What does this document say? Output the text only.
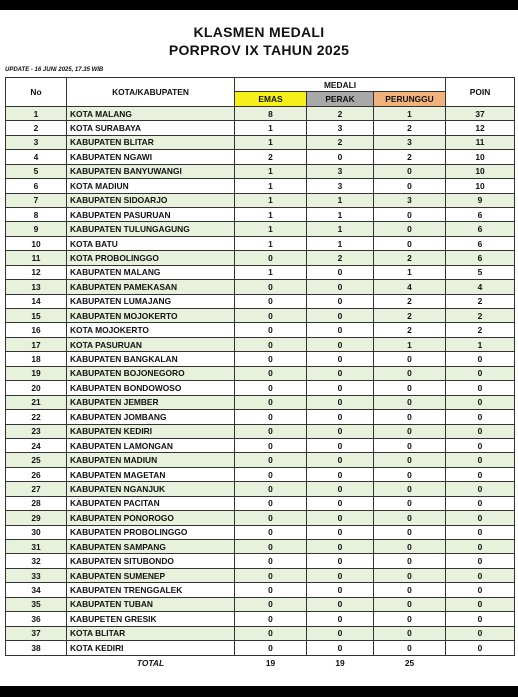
KLASMEN MEDALI
PORPROV IX TAHUN 2025
UPDATE - 16 JUNI 2025, 17.35 WIB
No	KOTA/KABUPATEN	MEDALI			POIN
		EMAS	PERAK	PERUNGGU	
1	KOTA MALANG	8	2	1	37
2	KOTA SURABAYA	1	3	2	12
3	KABUPATEN BLITAR	1	2	3	11
4	KABUPATEN NGAWI	2	0	2	10
5	KABUPATEN BANYUWANGI	1	3	0	10
6	KOTA MADIUN	1	3	0	10
7	KABUPATEN SIDOARJO	1	1	3	9
8	KABUPATEN PASURUAN	1	1	0	6
9	KABUPATEN TULUNGAGUNG	1	1	0	6
10	KOTA BATU	1	1	0	6
11	KOTA PROBOLINGGO	0	2	2	6
12	KABUPATEN MALANG	1	0	1	5
13	KABUPATEN PAMEKASAN	0	0	4	4
14	KABUPATEN LUMAJANG	0	0	2	2
15	KABUPATEN MOJOKERTO	0	0	2	2
16	KOTA MOJOKERTO	0	0	2	2
17	KOTA PASURUAN	0	0	1	1
18	KABUPATEN BANGKALAN	0	0	0	0
19	KABUPATEN BOJONEGORO	0	0	0	0
20	KABUPATEN BONDOWOSO	0	0	0	0
21	KABUPATEN JEMBER	0	0	0	0
22	KABUPATEN JOMBANG	0	0	0	0
23	KABUPATEN KEDIRI	0	0	0	0
24	KABUPATEN LAMONGAN	0	0	0	0
25	KABUPATEN MADIUN	0	0	0	0
26	KABUPATEN MAGETAN	0	0	0	0
27	KABUPATEN NGANJUK	0	0	0	0
28	KABUPATEN PACITAN	0	0	0	0
29	KABUPATEN PONOROGO	0	0	0	0
30	KABUPATEN PROBOLINGGO	0	0	0	0
31	KABUPATEN SAMPANG	0	0	0	0
32	KABUPATEN SITUBONDO	0	0	0	0
33	KABUPATEN SUMENEP	0	0	0	0
34	KABUPATEN TRENGGALEK	0	0	0	0
35	KABUPATEN TUBAN	0	0	0	0
36	KABUPETEN GRESIK	0	0	0	0
37	KOTA BLITAR	0	0	0	0
38	KOTA KEDIRI	0	0	0	0
	TOTAL	19	19	25	
